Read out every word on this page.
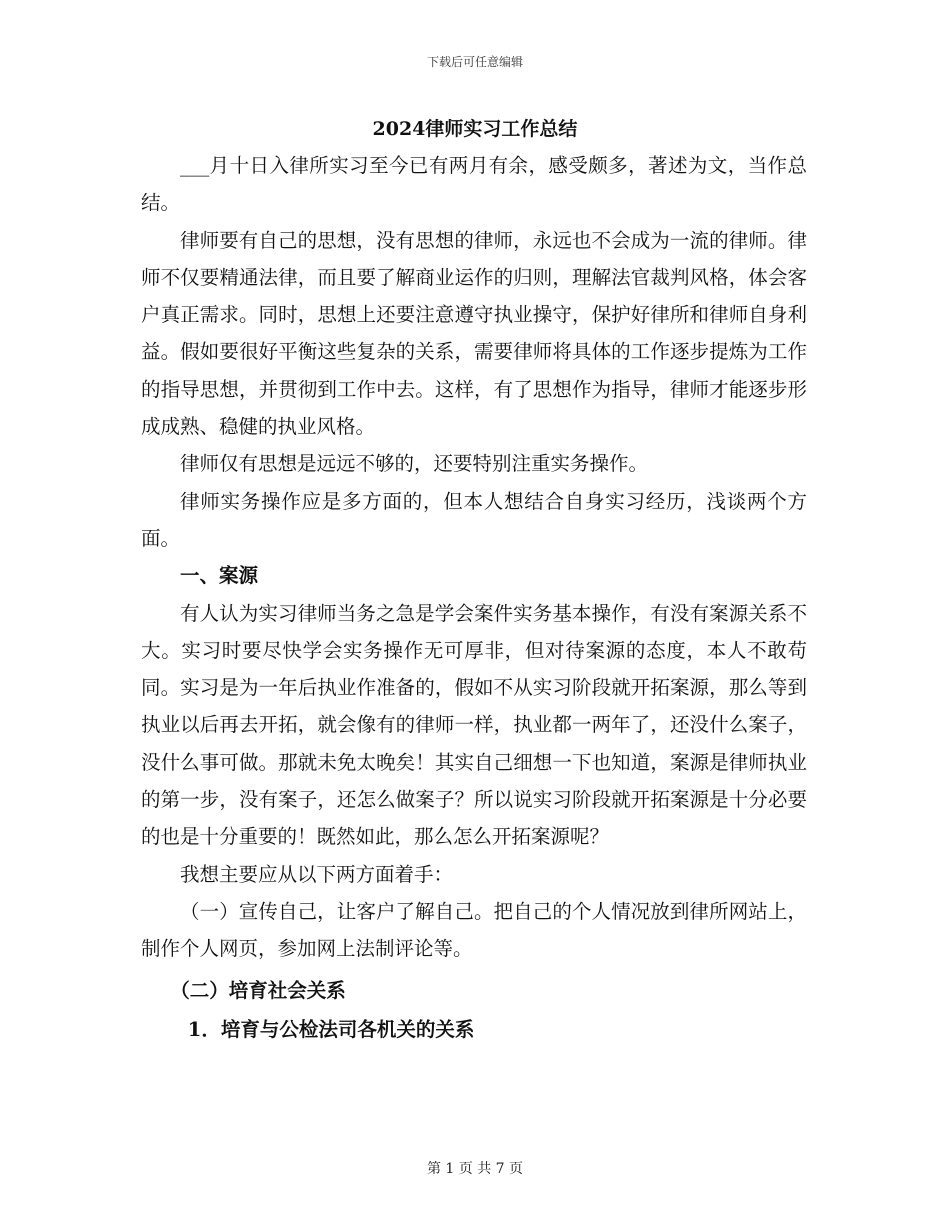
下载后可任意编辑
2024律师实习工作总结

___月十日入律所实习至今已有两月有余，感受颇多，著述为文，当作总结。

律师要有自己的思想，没有思想的律师，永远也不会成为一流的律师。律师不仅要精通法律，而且要了解商业运作的归则，理解法官裁判风格，体会客户真正需求。同时，思想上还要注意遵守执业操守，保护好律所和律师自身利益。假如要很好平衡这些复杂的关系，需要律师将具体的工作逐步提炼为工作的指导思想，并贯彻到工作中去。这样，有了思想作为指导，律师才能逐步形成成熟、稳健的执业风格。

律师仅有思想是远远不够的，还要特别注重实务操作。

律师实务操作应是多方面的，但本人想结合自身实习经历，浅谈两个方面。

一、案源

有人认为实习律师当务之急是学会案件实务基本操作，有没有案源关系不大。实习时要尽快学会实务操作无可厚非，但对待案源的态度，本人不敢苟同。实习是为一年后执业作准备的，假如不从实习阶段就开拓案源，那么等到执业以后再去开拓，就会像有的律师一样，执业都一两年了，还没什么案子，没什么事可做。那就未免太晚矣！其实自己细想一下也知道，案源是律师执业的第一步，没有案子，还怎么做案子？所以说实习阶段就开拓案源是十分必要的也是十分重要的！既然如此，那么怎么开拓案源呢？

我想主要应从以下两方面着手：

（一）宣传自己，让客户了解自己。把自己的个人情况放到律所网站上，制作个人网页，参加网上法制评论等。

（二）培育社会关系

1．培育与公检法司各机关的关系

第 1 页 共 7 页
